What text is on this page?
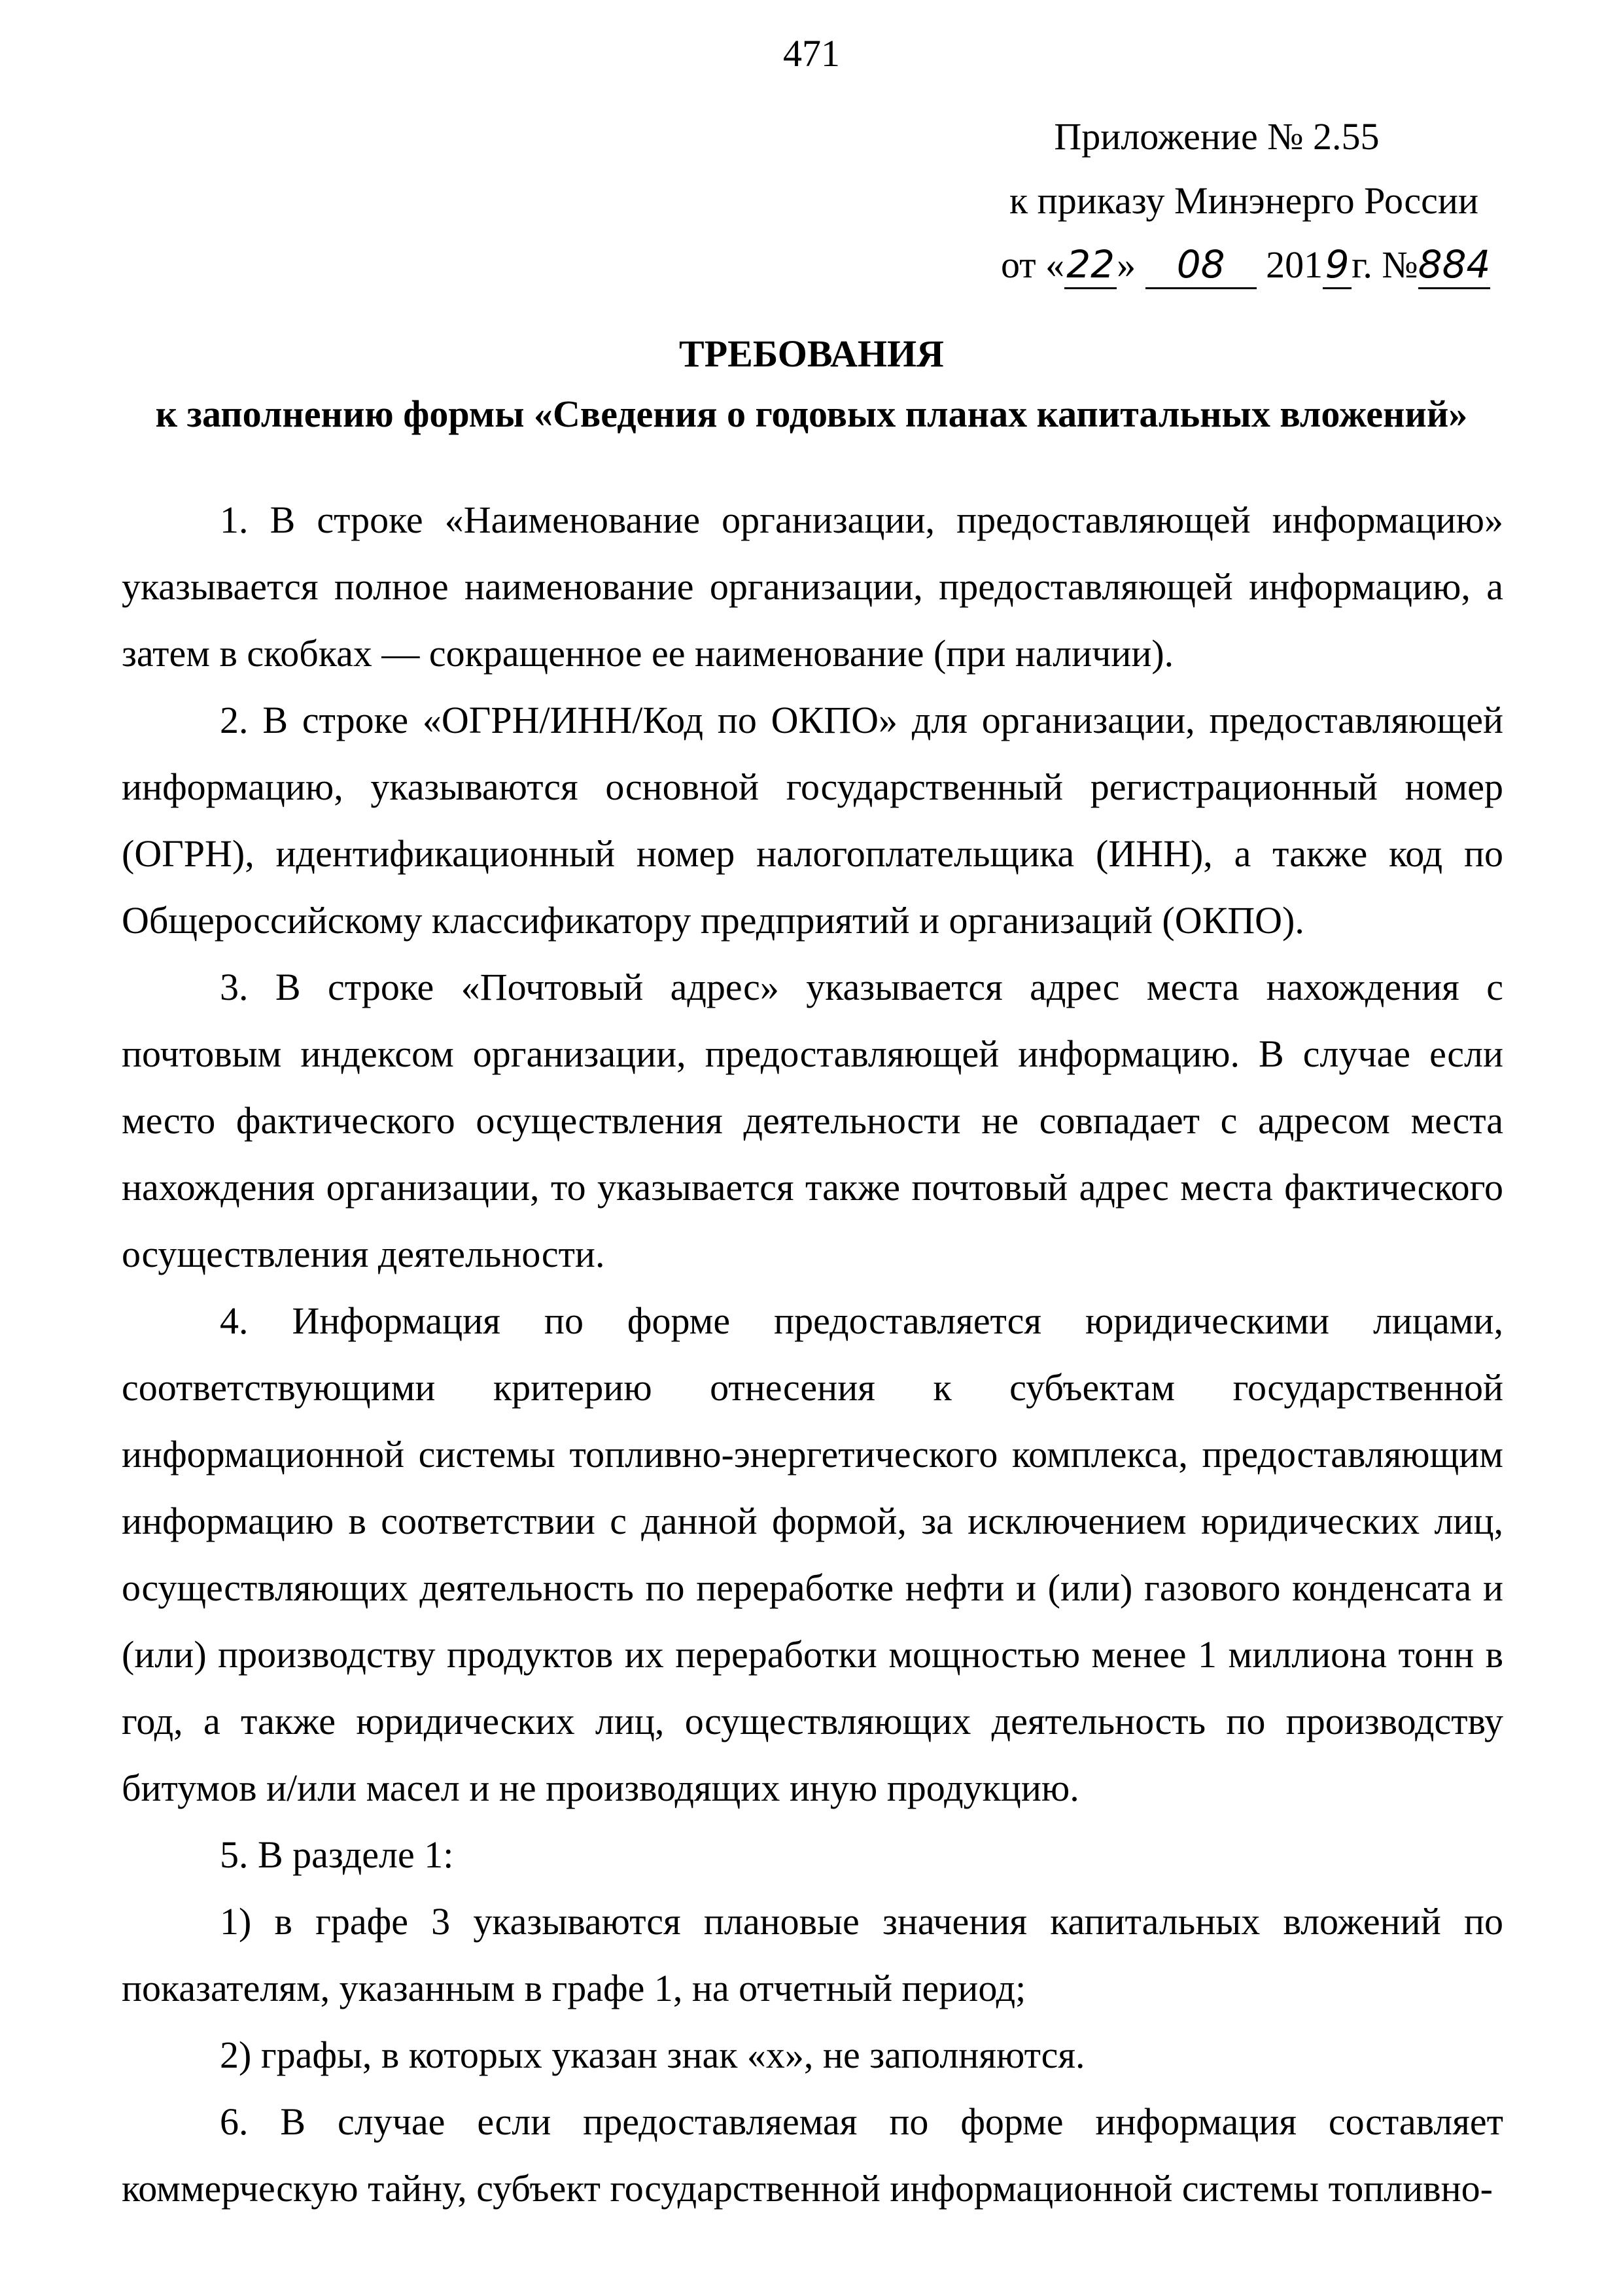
471
Приложение № 2.55
к приказу Минэнерго России
от «22» 08 2019г. №884
ТРЕБОВАНИЯ
к заполнению формы «Сведения о годовых планах капитальных вложений»

1. В строке «Наименование организации, предоставляющей информацию» указывается полное наименование организации, предоставляющей информацию, а затем в скобках — сокращенное ее наименование (при наличии).

2. В строке «ОГРН/ИНН/Код по ОКПО» для организации, предоставляющей информацию, указываются основной государственный регистрационный номер (ОГРН), идентификационный номер налогоплательщика (ИНН), а также код по Общероссийскому классификатору предприятий и организаций (ОКПО).

3. В строке «Почтовый адрес» указывается адрес места нахождения с почтовым индексом организации, предоставляющей информацию. В случае если место фактического осуществления деятельности не совпадает с адресом места нахождения организации, то указывается также почтовый адрес места фактического осуществления деятельности.

4. Информация по форме предоставляется юридическими лицами, соответствующими критерию отнесения к субъектам государственной информационной системы топливно-энергетического комплекса, предоставляющим информацию в соответствии с данной формой, за исключением юридических лиц, осуществляющих деятельность по переработке нефти и (или) газового конденсата и (или) производству продуктов их переработки мощностью менее 1 миллиона тонн в год, а также юридических лиц, осуществляющих деятельность по производству битумов и/или масел и не производящих иную продукцию.

5. В разделе 1:

1) в графе 3 указываются плановые значения капитальных вложений по показателям, указанным в графе 1, на отчетный период;

2) графы, в которых указан знак «х», не заполняются.

6. В случае если предоставляемая по форме информация составляет коммерческую тайну, субъект государственной информационной системы топливно-
